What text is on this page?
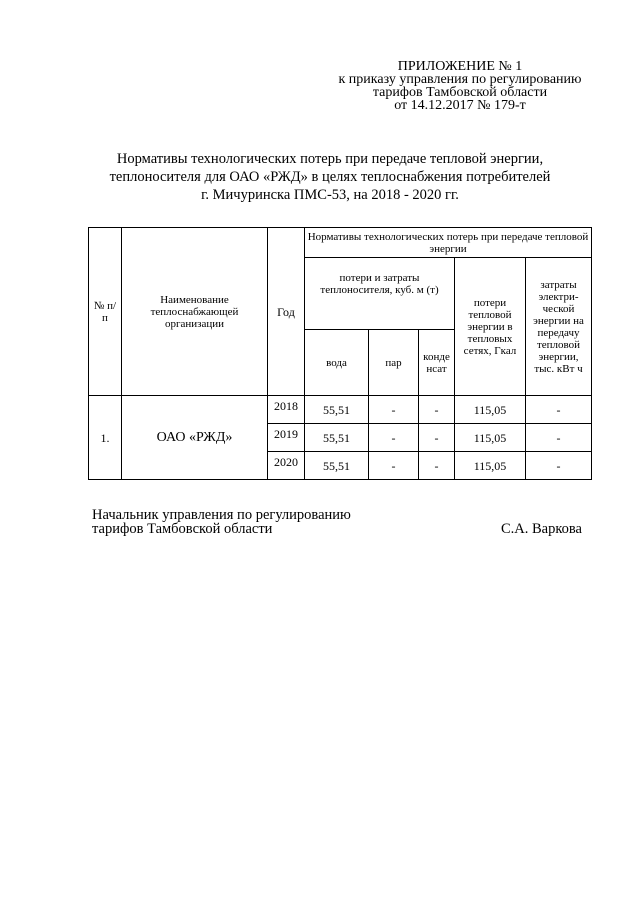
ПРИЛОЖЕНИЕ № 1
к приказу управления по регулированию
тарифов Тамбовской области
от 14.12.2017 № 179-т
Нормативы технологических потерь при передаче тепловой энергии,
теплоносителя для ОАО «РЖД» в целях теплоснабжения потребителей
г. Мичуринска ПМС-53, на 2018 - 2020 гг.
№ п/п	Наименование теплоснабжающей организации	Год	Нормативы технологических потерь при передаче тепловой энергии				
			потери и затраты теплоносителя, куб. м (т)			потери тепловой энергии в тепловых сетях, Гкал	затраты электри-ческой энергии на передачу тепловой энергии, тыс. кВт ч
			вода	пар	конде нсат		
1.	ОАО «РЖД»	2018	55,51	-	-	115,05	-
		2019	55,51	-	-	115,05	-
		2020	55,51	-	-	115,05	-
Начальник управления по регулированию
тарифов Тамбовской области	С.А. Варкова
